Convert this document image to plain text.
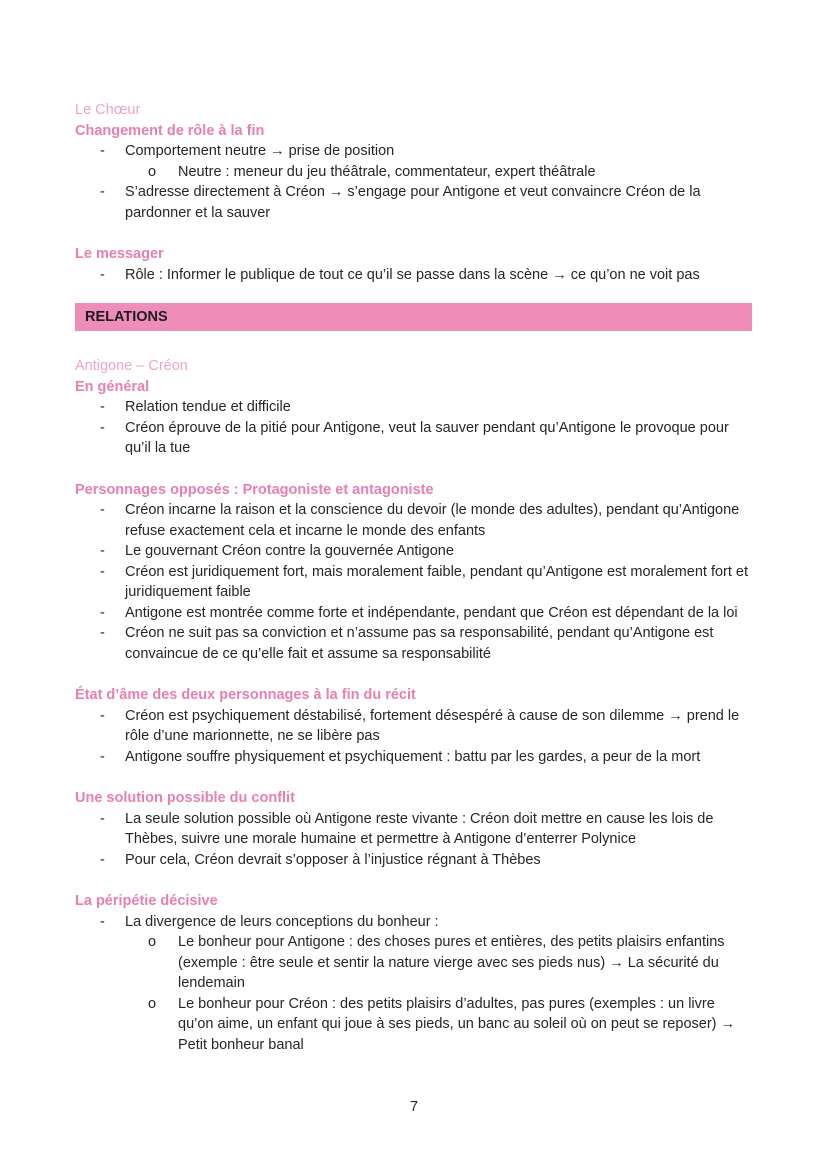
Le Chœur
Changement de rôle à la fin
-	Comportement neutre → prise de position
o	Neutre : meneur du jeu théâtrale, commentateur, expert théâtrale
-	S’adresse directement à Créon → s’engage pour Antigone et veut convaincre Créon de la pardonner et la sauver
Le messager
-	Rôle : Informer le publique de tout ce qu’il se passe dans la scène → ce qu’on ne voit pas
RELATIONS
Antigone – Créon
En général
-	Relation tendue et difficile
-	Créon éprouve de la pitié pour Antigone, veut la sauver pendant qu’Antigone le provoque pour qu’il la tue
Personnages opposés : Protagoniste et antagoniste
-	Créon incarne la raison et la conscience du devoir (le monde des adultes), pendant qu’Antigone refuse exactement cela et incarne le monde des enfants
-	Le gouvernant Créon contre la gouvernée Antigone
-	Créon est juridiquement fort, mais moralement faible, pendant qu’Antigone est moralement fort et juridiquement faible
-	Antigone est montrée comme forte et indépendante, pendant que Créon est dépendant de la loi
-	Créon ne suit pas sa conviction et n’assume pas sa responsabilité, pendant qu’Antigone est convaincue de ce qu’elle fait et assume sa responsabilité
État d’âme des deux personnages à la fin du récit
-	Créon est psychiquement déstabilisé, fortement désespéré à cause de son dilemme → prend le rôle d’une marionnette, ne se libère pas
-	Antigone souffre physiquement et psychiquement : battu par les gardes, a peur de la mort
Une solution possible du conflit
-	La seule solution possible où Antigone reste vivante : Créon doit mettre en cause les lois de Thèbes, suivre une morale humaine et permettre à Antigone d’enterrer Polynice
-	Pour cela, Créon devrait s’opposer à l’injustice régnant à Thèbes
La péripétie décisive
-	La divergence de leurs conceptions du bonheur :
o	Le bonheur pour Antigone : des choses pures et entières, des petits plaisirs enfantins (exemple : être seule et sentir la nature vierge avec ses pieds nus) → La sécurité du lendemain
o	Le bonheur pour Créon : des petits plaisirs d’adultes, pas pures (exemples : un livre qu’on aime, un enfant qui joue à ses pieds, un banc au soleil où on peut se reposer) → Petit bonheur banal
7
